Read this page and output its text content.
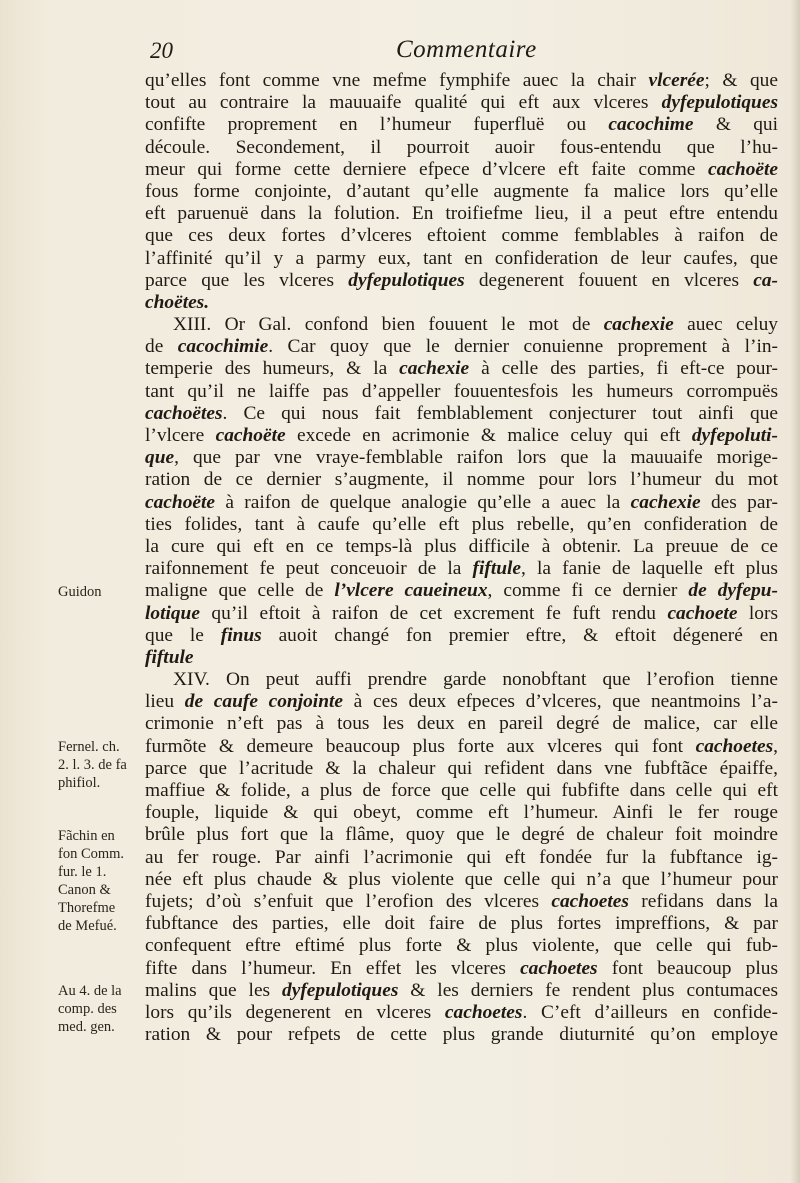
20	Commentaire
Guidon
Fernel. ch.
2. l. 3. de fa
phifiol.
Fãchin en
fon Comm.
fur. le 1.
Canon &
Thorefme
de Mefué.
Au 4. de la
comp. des
med. gen.
qu’elles font comme vne mefme fymphife auec la chair vlcerée; & que
tout au contraire la mauuaife qualité qui eft aux vlceres dyfepulotiques
confifte proprement en l’humeur fuperfluë ou cacochime & qui
découle. Secondement, il pourroit auoir fous-entendu que l’hu-
meur qui forme cette derniere efpece d’vlcere eft faite comme cachoëte
fous forme conjointe, d’autant qu’elle augmente fa malice lors qu’elle
eft paruenuë dans la folution. En troifiefme lieu, il a peut eftre entendu
que ces deux fortes d’vlceres eftoient comme femblables à raifon de
l’affinité qu’il y a parmy eux, tant en confideration de leur caufes, que
parce que les vlceres dyfepulotiques degenerent fouuent en vlceres ca-
choëtes.
XIII. Or Gal. confond bien fouuent le mot de cachexie auec celuy
de cacochimie. Car quoy que le dernier conuienne proprement à l’in-
temperie des humeurs, & la cachexie à celle des parties, fi eft-ce pour-
tant qu’il ne laiffe pas d’appeller fouuentesfois les humeurs corrompuës
cachoëtes. Ce qui nous fait femblablement conjecturer tout ainfi que
l’vlcere cachoëte excede en acrimonie & malice celuy qui eft dyfepoluti-
que, que par vne vraye-femblable raifon lors que la mauuaife morige-
ration de ce dernier s’augmente, il nomme pour lors l’humeur du mot
cachoëte à raifon de quelque analogie qu’elle a auec la cachexie des par-
ties folides, tant à caufe qu’elle eft plus rebelle, qu’en confideration de
la cure qui eft en ce temps-là plus difficile à obtenir. La preuue de ce
raifonnement fe peut conceuoir de la fiftule, la fanie de laquelle eft plus
maligne que celle de l’vlcere caueineux, comme fi ce dernier de dyfepu-
lotique qu’il eftoit à raifon de cet excrement fe fuft rendu cachoete lors
que le finus auoit changé fon premier eftre, & eftoit dégeneré en
fiftule
XIV. On peut auffi prendre garde nonobftant que l’erofion tienne
lieu de caufe conjointe à ces deux efpeces d’vlceres, que neantmoins l’a-
crimonie n’eft pas à tous les deux en pareil degré de malice, car elle
furmõte & demeure beaucoup plus forte aux vlceres qui font cachoetes,
parce que l’acritude & la chaleur qui refident dans vne fubftãce épaiffe,
maffiue & folide, a plus de force que celle qui fubfifte dans celle qui eft
fouple, liquide & qui obeyt, comme eft l’humeur. Ainfi le fer rouge
brûle plus fort que la flâme, quoy que le degré de chaleur foit moindre
au fer rouge. Par ainfi l’acrimonie qui eft fondée fur la fubftance ig-
née eft plus chaude & plus violente que celle qui n’a que l’humeur pour
fujets; d’où s’enfuit que l’erofion des vlceres cachoetes refidans dans la
fubftance des parties, elle doit faire de plus fortes impreffions, & par
confequent eftre eftimé plus forte & plus violente, que celle qui fub-
fifte dans l’humeur. En effet les vlceres cachoetes font beaucoup plus
malins que les dyfepulotiques & les derniers fe rendent plus contumaces
lors qu’ils degenerent en vlceres cachoetes. C’eft d’ailleurs en confide-
ration & pour refpets de cette plus grande diuturnité qu’on employe
